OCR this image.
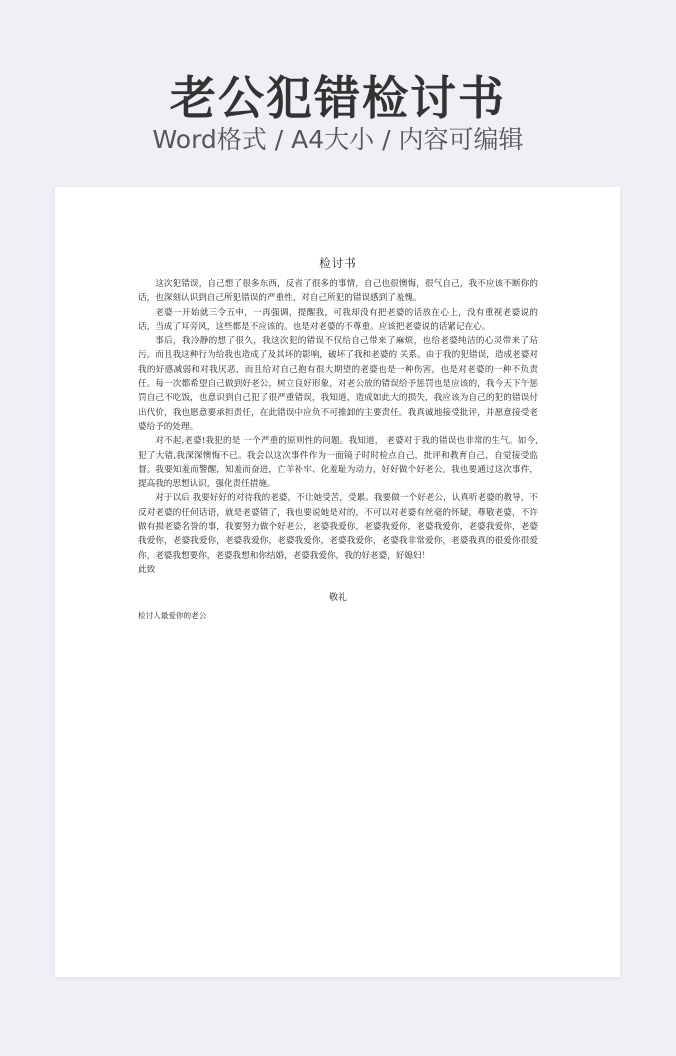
老公犯错检讨书
Word格式 / A4大小 / 内容可编辑
检讨书

这次犯错误，自己想了很多东西，反省了很多的事情，自己也很懊悔，很气自己，我不应该不断你的话，也深刻认识到自己所犯错误的严重性，对自己所犯的错误感到了羞愧。

老婆一开始就三令五申，一再强调，提醒我，可我却没有把老婆的话放在心上，没有重视老婆说的话，当成了耳旁风，这些都是不应该的。也是对老婆的不尊重。应该把老婆说的话紧记在心。

事后，我冷静的想了很久，我这次犯的错误不仅给自己带来了麻烦，也给老婆纯洁的心灵带来了玷污。而且我这种行为给我也造成了及其坏的影响，破坏了我和老婆的 关系。由于我的犯错误，造成老婆对我的好感减弱和对我厌恶，而且给对自己抱有很大期望的老婆也是一种伤害，也是对老婆的一种不负责任。每一次都希望自己做到好老公，树立良好形象，对老公放的错误给予惩罚也是应该的，我今天下午惩罚自己不吃饭，也意识到自己犯了很严重错误，我知道，造成如此大的损失，我应该为自己的犯的错误付出代价，我也愿意要承担责任，在此错误中应负不可推卸的主要责任。我真诚地接受批评，并愿意接受老婆给予的处理。

对不起,老婆!我犯的是 一个严重的原则性的问题。我知道， 老婆对于我的错误也非常的生气。如今,犯了大错,我深深懊悔不已。我会以这次事件作为一面镜子时时检点自己，批评和教育自己，自觉接受监督。我要知羞而警醒，知羞而奋进，亡羊补牢、化羞耻为动力，好好做个好老公。我也要通过这次事件，提高我的思想认识，强化责任措施。

对于以后 我要好好的对待我的老婆，不让她受苦，受累。我要做一个好老公，认真听老婆的教导，不反对老婆的任何话语，就是老婆错了，我也要说她是对的，不可以对老婆有丝毫的怀疑，尊敬老婆，不许做有损老婆名誉的事，我要努力做个好老公，老婆我爱你，老婆我爱你，老婆我爱你，老婆我爱你，老婆我爱你，老婆我爱你，老婆我爱你，老婆我爱你，老婆我爱你，老婆我非常爱你，老婆我真的很爱你很爱你，老婆我想要你，老婆我想和你结婚，老婆我爱你，我的好老婆，好媳妇！

此致

敬礼
检讨人最爱你的老公
